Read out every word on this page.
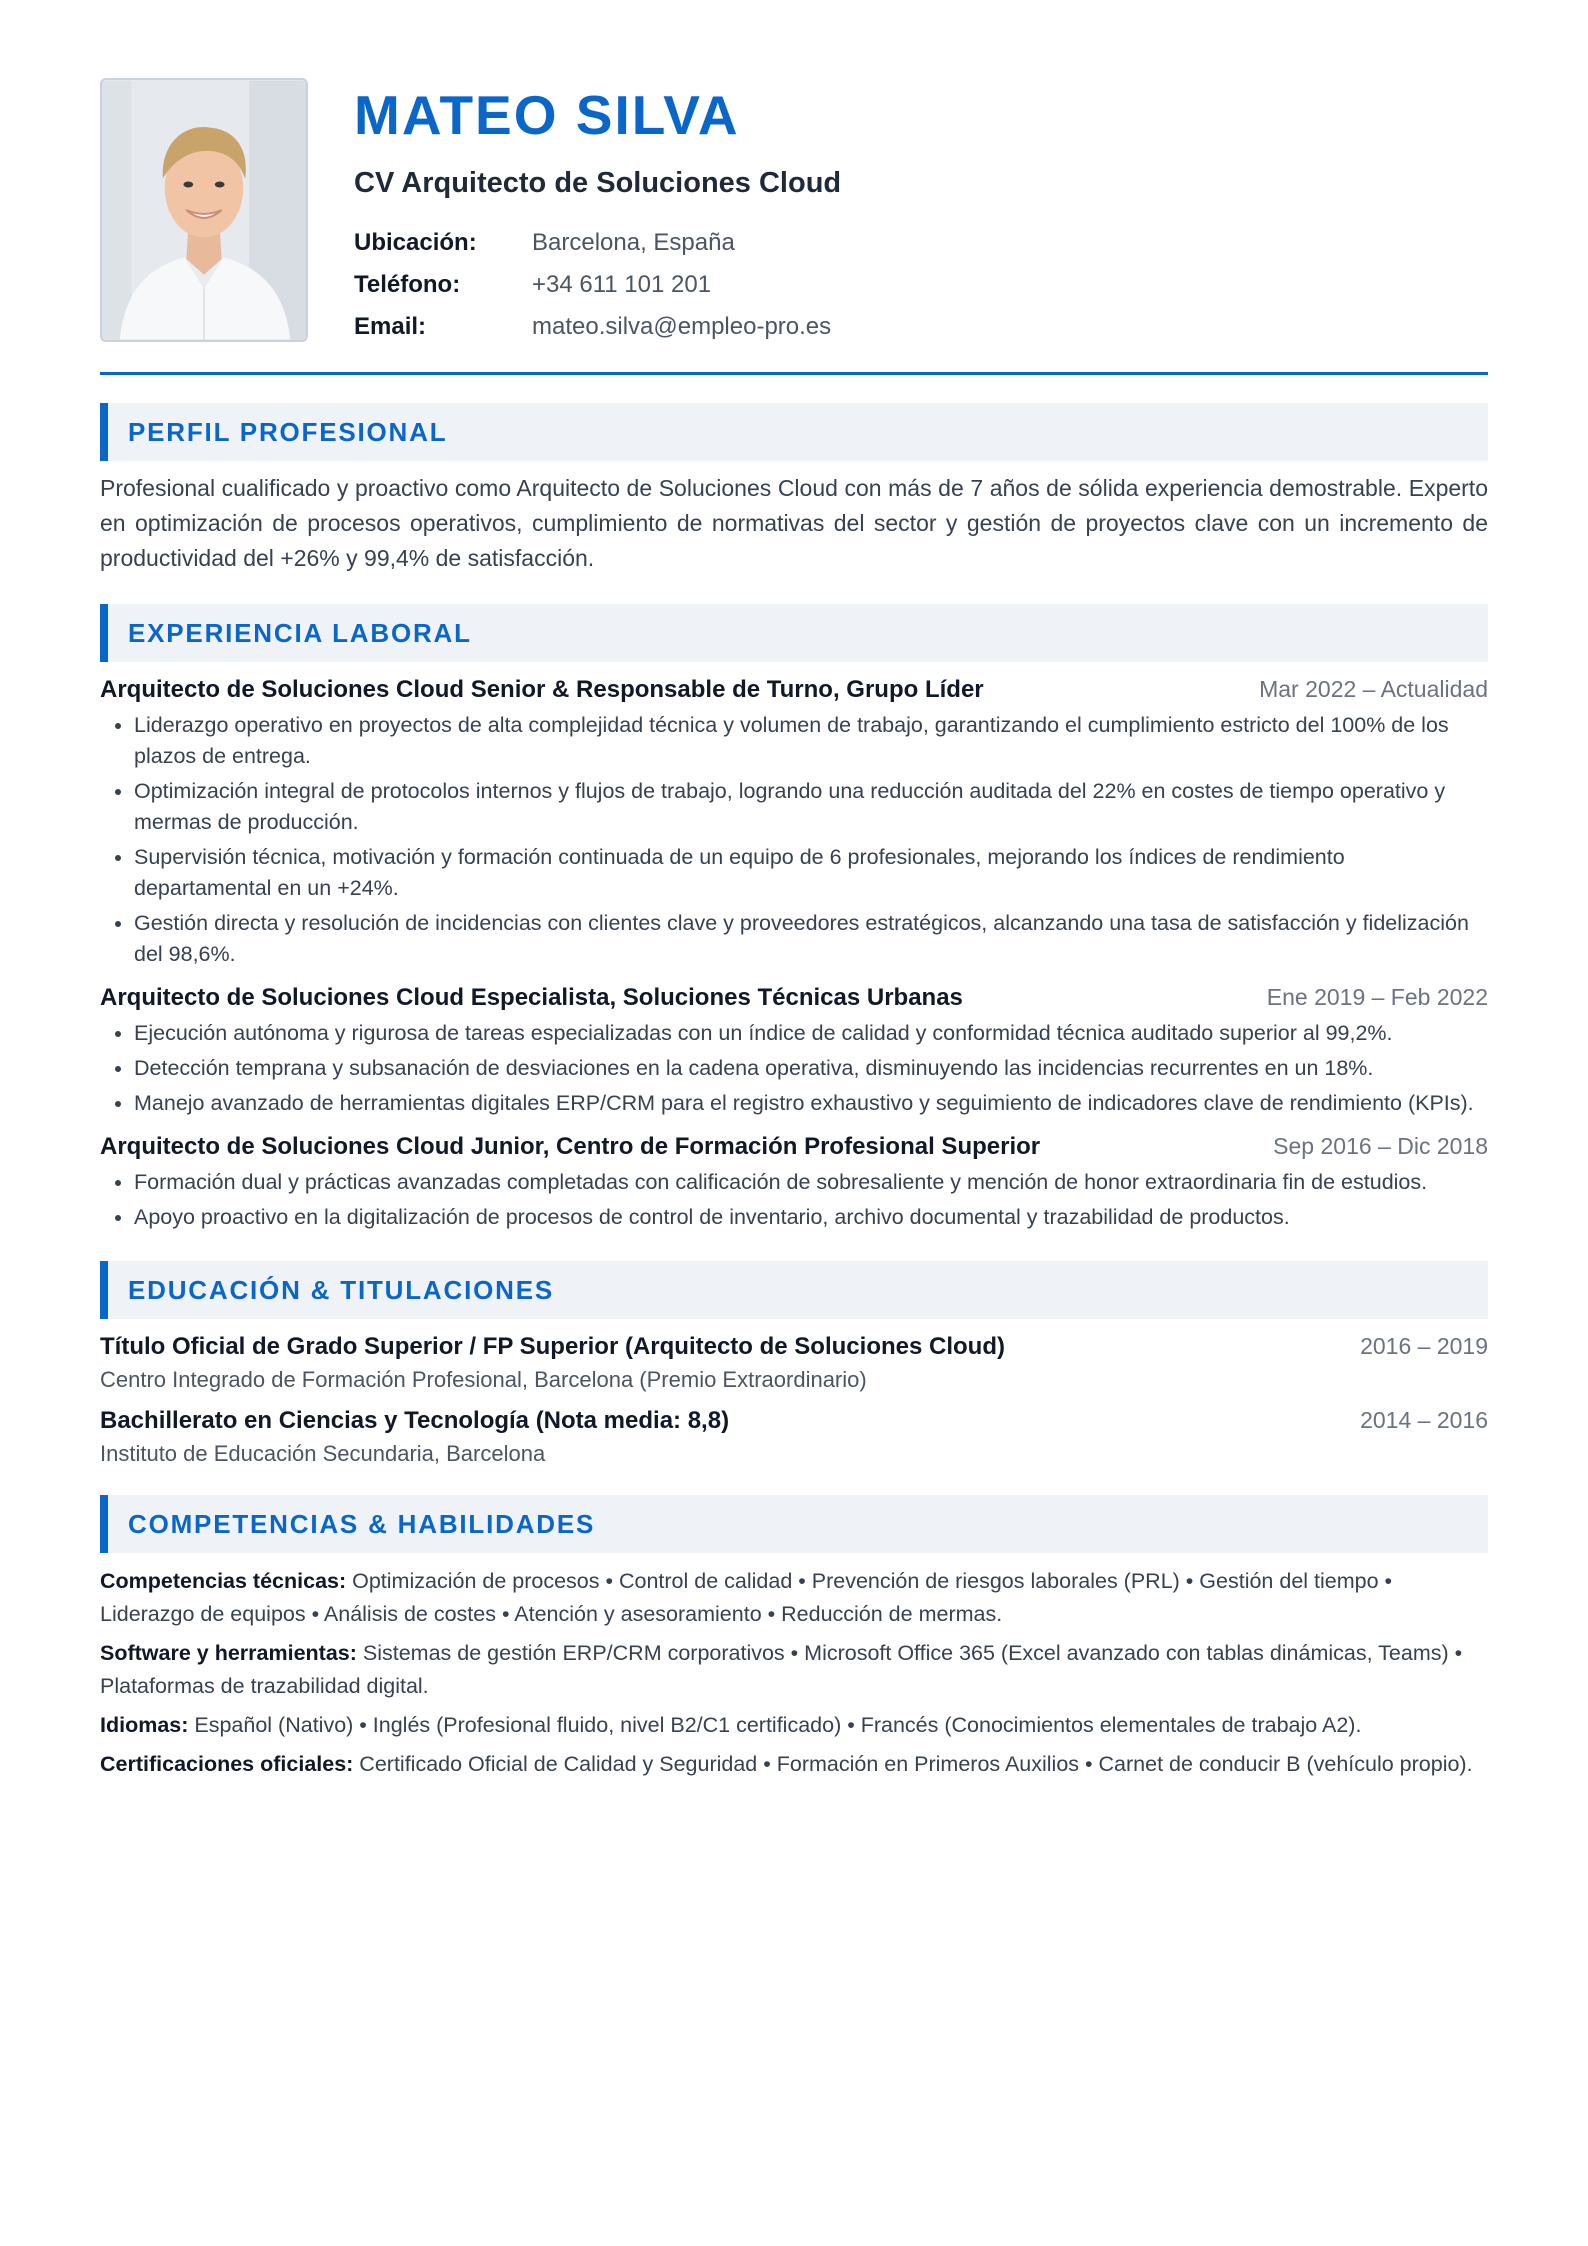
MATEO SILVA
CV Arquitecto de Soluciones Cloud
Ubicación:	Barcelona, España
Teléfono:	+34 611 101 201
Email:	mateo.silva@empleo-pro.es
PERFIL PROFESIONAL
Profesional cualificado y proactivo como Arquitecto de Soluciones Cloud con más de 7 años de sólida experiencia demostrable. Experto en optimización de procesos operativos, cumplimiento de normativas del sector y gestión de proyectos clave con un incremento de productividad del +26% y 99,4% de satisfacción.
EXPERIENCIA LABORAL
Arquitecto de Soluciones Cloud Senior & Responsable de Turno, Grupo Líder	Mar 2022 – Actualidad
• Liderazgo operativo en proyectos de alta complejidad técnica y volumen de trabajo, garantizando el cumplimiento estricto del 100% de los plazos de entrega.
• Optimización integral de protocolos internos y flujos de trabajo, logrando una reducción auditada del 22% en costes de tiempo operativo y mermas de producción.
• Supervisión técnica, motivación y formación continuada de un equipo de 6 profesionales, mejorando los índices de rendimiento departamental en un +24%.
• Gestión directa y resolución de incidencias con clientes clave y proveedores estratégicos, alcanzando una tasa de satisfacción y fidelización del 98,6%.
Arquitecto de Soluciones Cloud Especialista, Soluciones Técnicas Urbanas	Ene 2019 – Feb 2022
• Ejecución autónoma y rigurosa de tareas especializadas con un índice de calidad y conformidad técnica auditado superior al 99,2%.
• Detección temprana y subsanación de desviaciones en la cadena operativa, disminuyendo las incidencias recurrentes en un 18%.
• Manejo avanzado de herramientas digitales ERP/CRM para el registro exhaustivo y seguimiento de indicadores clave de rendimiento (KPIs).
Arquitecto de Soluciones Cloud Junior, Centro de Formación Profesional Superior	Sep 2016 – Dic 2018
• Formación dual y prácticas avanzadas completadas con calificación de sobresaliente y mención de honor extraordinaria fin de estudios.
• Apoyo proactivo en la digitalización de procesos de control de inventario, archivo documental y trazabilidad de productos.
EDUCACIÓN & TITULACIONES
Título Oficial de Grado Superior / FP Superior (Arquitecto de Soluciones Cloud)	2016 – 2019
Centro Integrado de Formación Profesional, Barcelona (Premio Extraordinario)
Bachillerato en Ciencias y Tecnología (Nota media: 8,8)	2014 – 2016
Instituto de Educación Secundaria, Barcelona
COMPETENCIAS & HABILIDADES
Competencias técnicas: Optimización de procesos • Control de calidad • Prevención de riesgos laborales (PRL) • Gestión del tiempo • Liderazgo de equipos • Análisis de costes • Atención y asesoramiento • Reducción de mermas.
Software y herramientas: Sistemas de gestión ERP/CRM corporativos • Microsoft Office 365 (Excel avanzado con tablas dinámicas, Teams) • Plataformas de trazabilidad digital.
Idiomas: Español (Nativo) • Inglés (Profesional fluido, nivel B2/C1 certificado) • Francés (Conocimientos elementales de trabajo A2).
Certificaciones oficiales: Certificado Oficial de Calidad y Seguridad • Formación en Primeros Auxilios • Carnet de conducir B (vehículo propio).
